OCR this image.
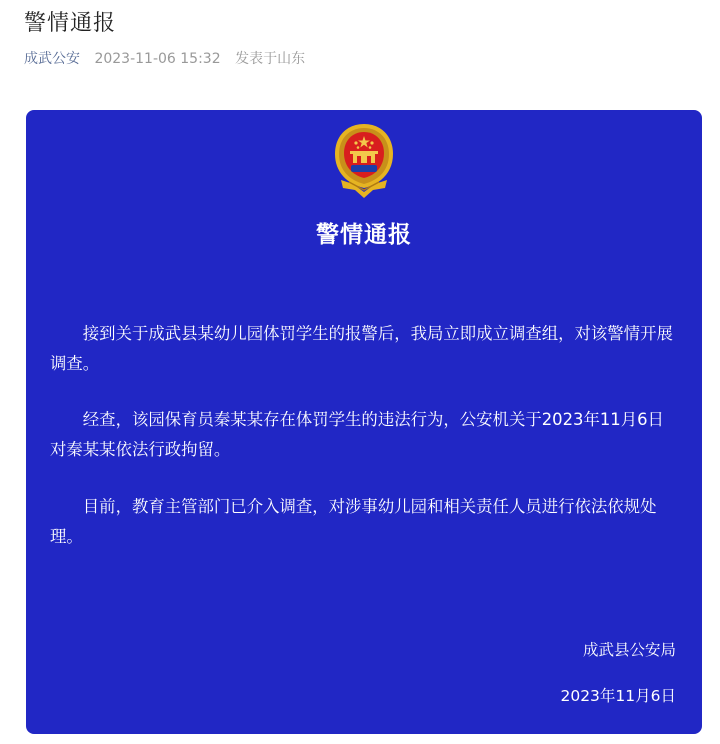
警情通报
成武公安 2023-11-06 15:32 发表于山东
警情通报

接到关于成武县某幼儿园体罚学生的报警后，我局立即成立调查组，对该警情开展调查。

经查，该园保育员秦某某存在体罚学生的违法行为，公安机关于2023年11月6日对秦某某依法行政拘留。

目前，教育主管部门已介入调查，对涉事幼儿园和相关责任人员进行依法依规处理。

成武县公安局
2023年11月6日
